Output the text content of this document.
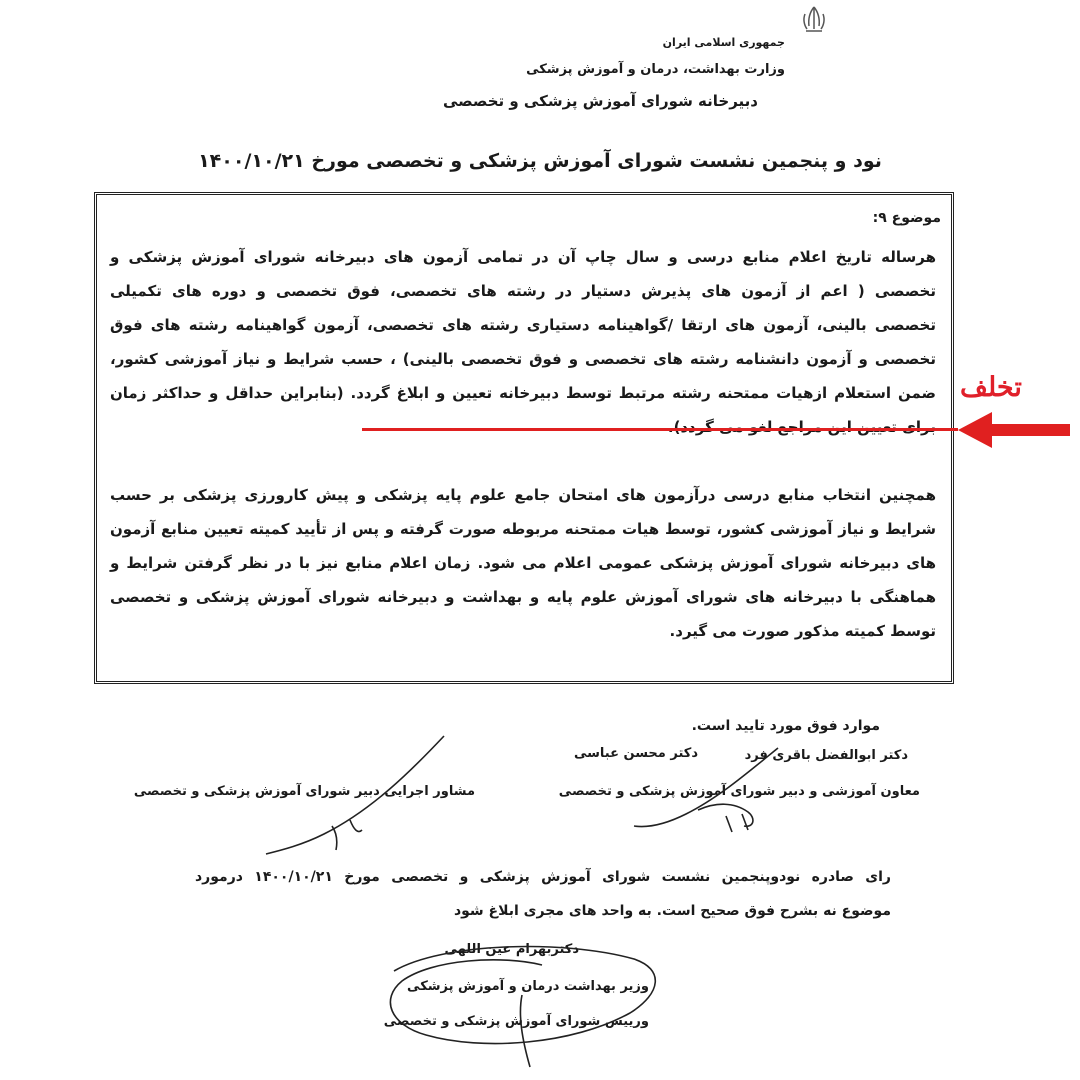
جمهوری اسلامی ایران
وزارت بهداشت، درمان و آموزش پزشکی
دبیرخانه شورای آموزش پزشکی و تخصصی
نود و پنجمین نشست شورای آموزش پزشکی و تخصصی مورخ ۱۴۰۰/۱۰/۲۱
موضوع ۹:
هرساله تاریخ اعلام منابع درسی و سال چاپ آن در تمامی آزمون های دبیرخانه شورای آموزش پزشکی و
تخصصی ( اعم از آزمون های پذیرش دستیار در رشته های تخصصی، فوق تخصصی و دوره های تکمیلی
تخصصی بالینی، آزمون های ارتقا /گواهینامه دستیاری رشته های تخصصی، آزمون گواهینامه رشته های فوق
تخصصی و آزمون دانشنامه رشته های تخصصی و فوق تخصصی بالینی) ، حسب شرایط و نیاز آموزشی کشور،
ضمن استعلام ازهیات ممتحنه رشته مرتبط توسط دبیرخانه تعیین و ابلاغ گردد. (بنابراین حداقل و حداکثر زمان
همچنین انتخاب منابع درسی درآزمون های امتحان جامع علوم پایه پزشکی و پیش کارورزی پزشکی بر حسب
شرایط و نیاز آموزشی کشور، توسط هیات ممتحنه مربوطه صورت گرفته و پس از تأیید کمیته تعیین منابع آزمون
های دبیرخانه شورای آموزش پزشکی عمومی اعلام می شود. زمان اعلام منابع نیز با در نظر گرفتن شرایط و
هماهنگی با دبیرخانه های شورای آموزش علوم پایه و بهداشت و دبیرخانه شورای آموزش پزشکی و تخصصی
توسط کمیته مذکور صورت می گیرد.
تخلف
موارد فوق مورد تایید است.
دکتر محسن عباسی	دکتر ابوالفضل باقری فرد
معاون آموزشی و دبیر شورای آموزش پزشکی و تخصصی
مشاور اجرایی دبیر شورای آموزش پزشکی و تخصصی
رای صادره نودوپنجمین نشست شورای آموزش پزشکی و تخصصی مورخ ۱۴۰۰/۱۰/۲۱ درمورد
موضوع نه بشرح فوق صحیح است. به واحد های مجری ابلاغ شود
دکتربهرام عین اللهی
وزیر بهداشت درمان و آموزش پزشکی
ورییس شورای آموزش پزشکی و تخصصی
